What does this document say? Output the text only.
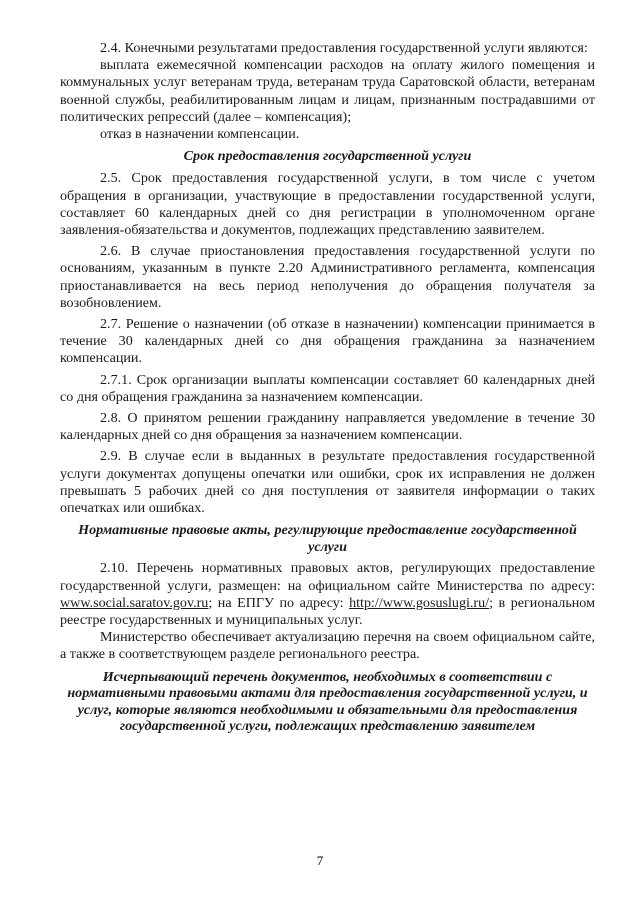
2.4. Конечными результатами предоставления государственной услуги являются:

выплата ежемесячной компенсации расходов на оплату жилого помещения и коммунальных услуг ветеранам труда, ветеранам труда Саратовской области, ветеранам военной службы, реабилитированным лицам и лицам, признанным пострадавшими от политических репрессий (далее – компенсация);

отказ в назначении компенсации.

Срок предоставления государственной услуги

2.5. Срок предоставления государственной услуги, в том числе с учетом обращения в организации, участвующие в предоставлении государственной услуги, составляет 60 календарных дней со дня регистрации в уполномоченном органе заявления-обязательства и документов, подлежащих представлению заявителем.

2.6. В случае приостановления предоставления государственной услуги по основаниям, указанным в пункте 2.20 Административного регламента, компенсация приостанавливается на весь период неполучения до обращения получателя за возобновлением.

2.7. Решение о назначении (об отказе в назначении) компенсации принимается в течение 30 календарных дней со дня обращения гражданина за назначением компенсации.

2.7.1. Срок организации выплаты компенсации составляет 60 календарных дней со дня обращения гражданина за назначением компенсации.

2.8. О принятом решении гражданину направляется уведомление в течение 30 календарных дней со дня обращения за назначением компенсации.

2.9. В случае если в выданных в результате предоставления государственной услуги документах допущены опечатки или ошибки, срок их исправления не должен превышать 5 рабочих дней со дня поступления от заявителя информации о таких опечатках или ошибках.

Нормативные правовые акты, регулирующие предоставление государственной услуги

2.10. Перечень нормативных правовых актов, регулирующих предоставление государственной услуги, размещен: на официальном сайте Министерства по адресу: www.social.saratov.gov.ru; на ЕПГУ по адресу: http://www.gosuslugi.ru/; в региональном реестре государственных и муниципальных услуг.

Министерство обеспечивает актуализацию перечня на своем официальном сайте, а также в соответствующем разделе регионального реестра.

Исчерпывающий перечень документов, необходимых в соответствии с нормативными правовыми актами для предоставления государственной услуги, и услуг, которые являются необходимыми и обязательными для предоставления государственной услуги, подлежащих представлению заявителем
7
